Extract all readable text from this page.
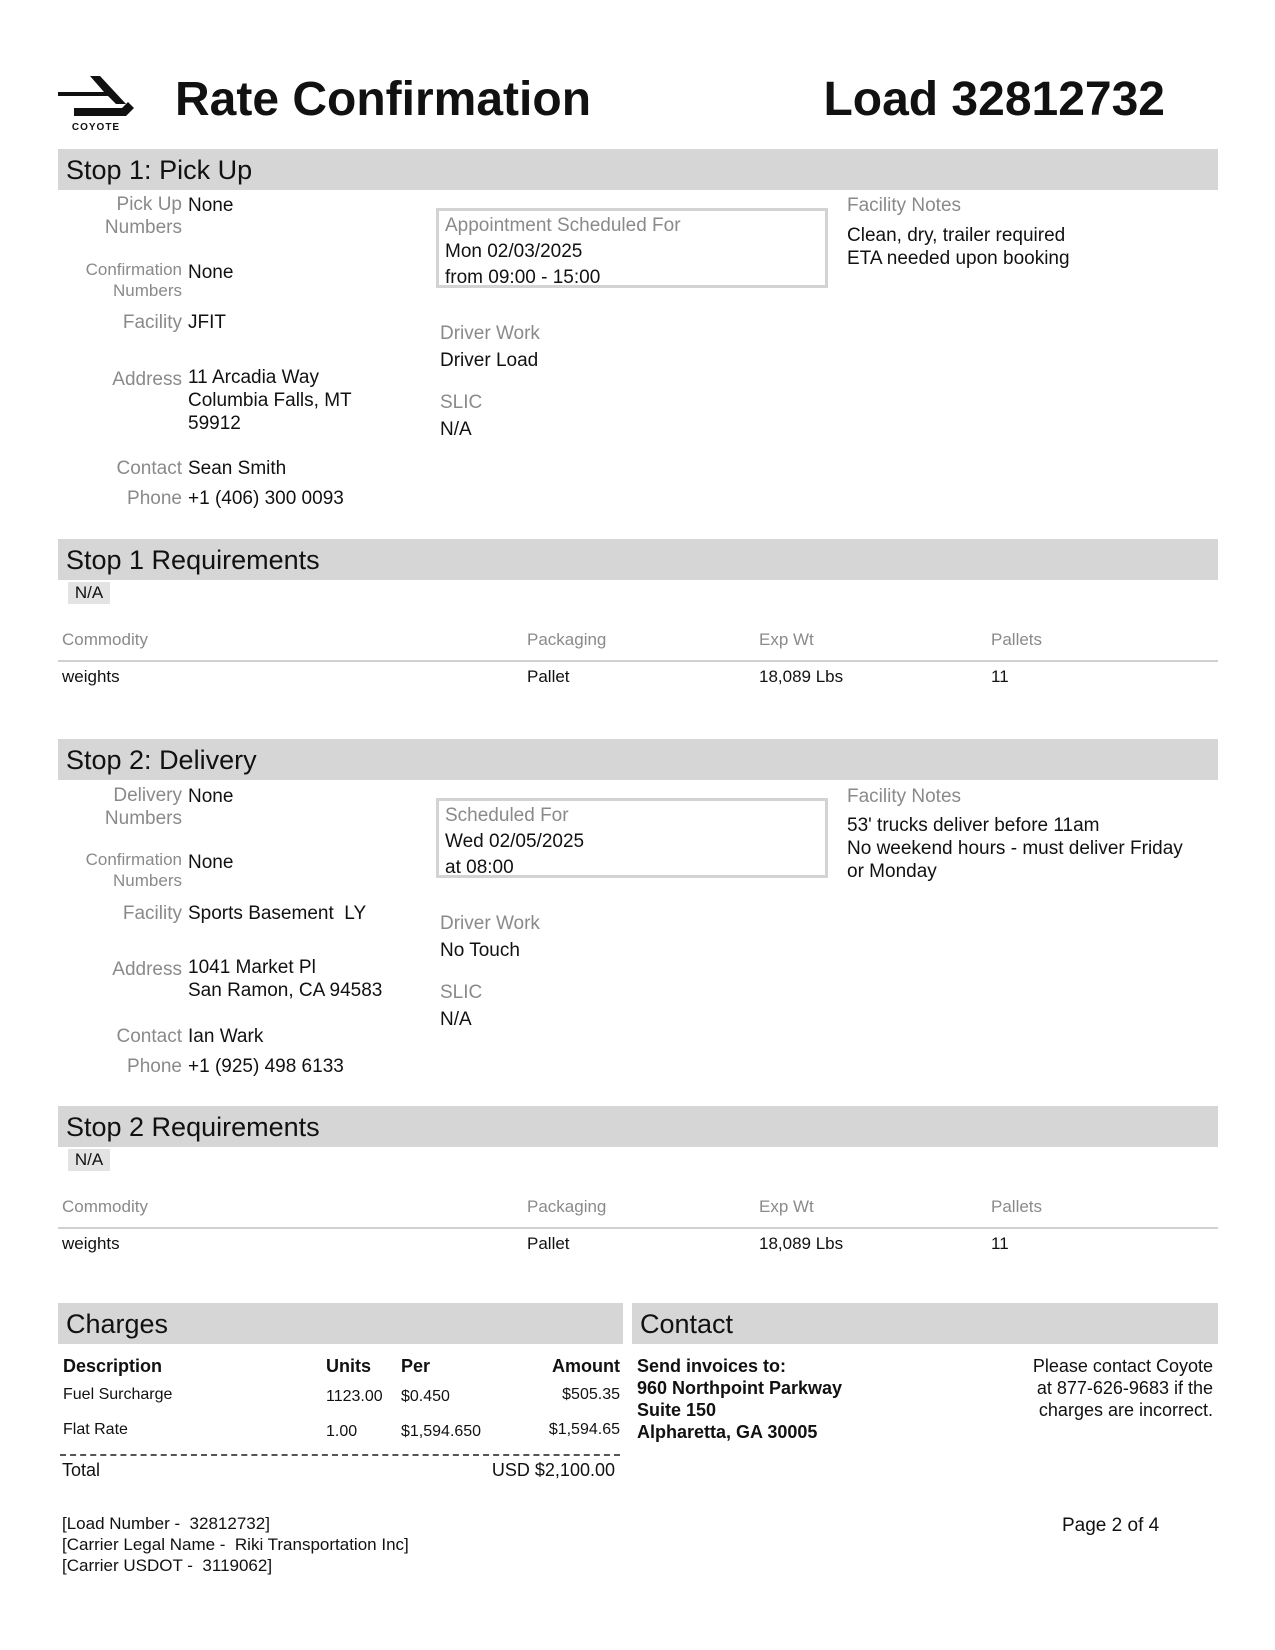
COYOTE
Rate Confirmation	Load 32812732
Stop 1: Pick Up
Pick Up
Numbers
None
Confirmation
Numbers
None
Facility JFIT
Address 11 Arcadia Way
Columbia Falls, MT
59912
Contact Sean Smith
Phone +1 (406) 300 0093
Appointment Scheduled For
Mon 02/03/2025
from 09:00 - 15:00
Driver Work
Driver Load
SLIC
N/A
Facility Notes
Clean, dry, trailer required
ETA needed upon booking
Stop 1 Requirements
N/A
Commodity	Packaging	Exp Wt	Pallets
weights	Pallet	18,089 Lbs	11
Stop 2: Delivery
Delivery
Numbers
None
Confirmation
Numbers
None
Facility Sports Basement  LY
Address 1041 Market Pl
San Ramon, CA 94583
Contact Ian Wark
Phone +1 (925) 498 6133
Scheduled For
Wed 02/05/2025
at 08:00
Driver Work
No Touch
SLIC
N/A
Facility Notes
53' trucks deliver before 11am
No weekend hours - must deliver Friday
or Monday
Stop 2 Requirements
N/A
Commodity	Packaging	Exp Wt	Pallets
weights	Pallet	18,089 Lbs	11
Charges
Description	Units Per	Amount
Fuel Surcharge	1123.00 $0.450	$505.35
Flat Rate	1.00	$1,594.650	$1,594.65
Total	USD $2,100.00
Contact
Send invoices to:
960 Northpoint Parkway
Suite 150
Alpharetta, GA 30005
Please contact Coyote
at 877-626-9683 if the
charges are incorrect.
[Load Number -  32812732]
[Carrier Legal Name -  Riki Transportation Inc]
[Carrier USDOT -  3119062]
Page 2 of 4
